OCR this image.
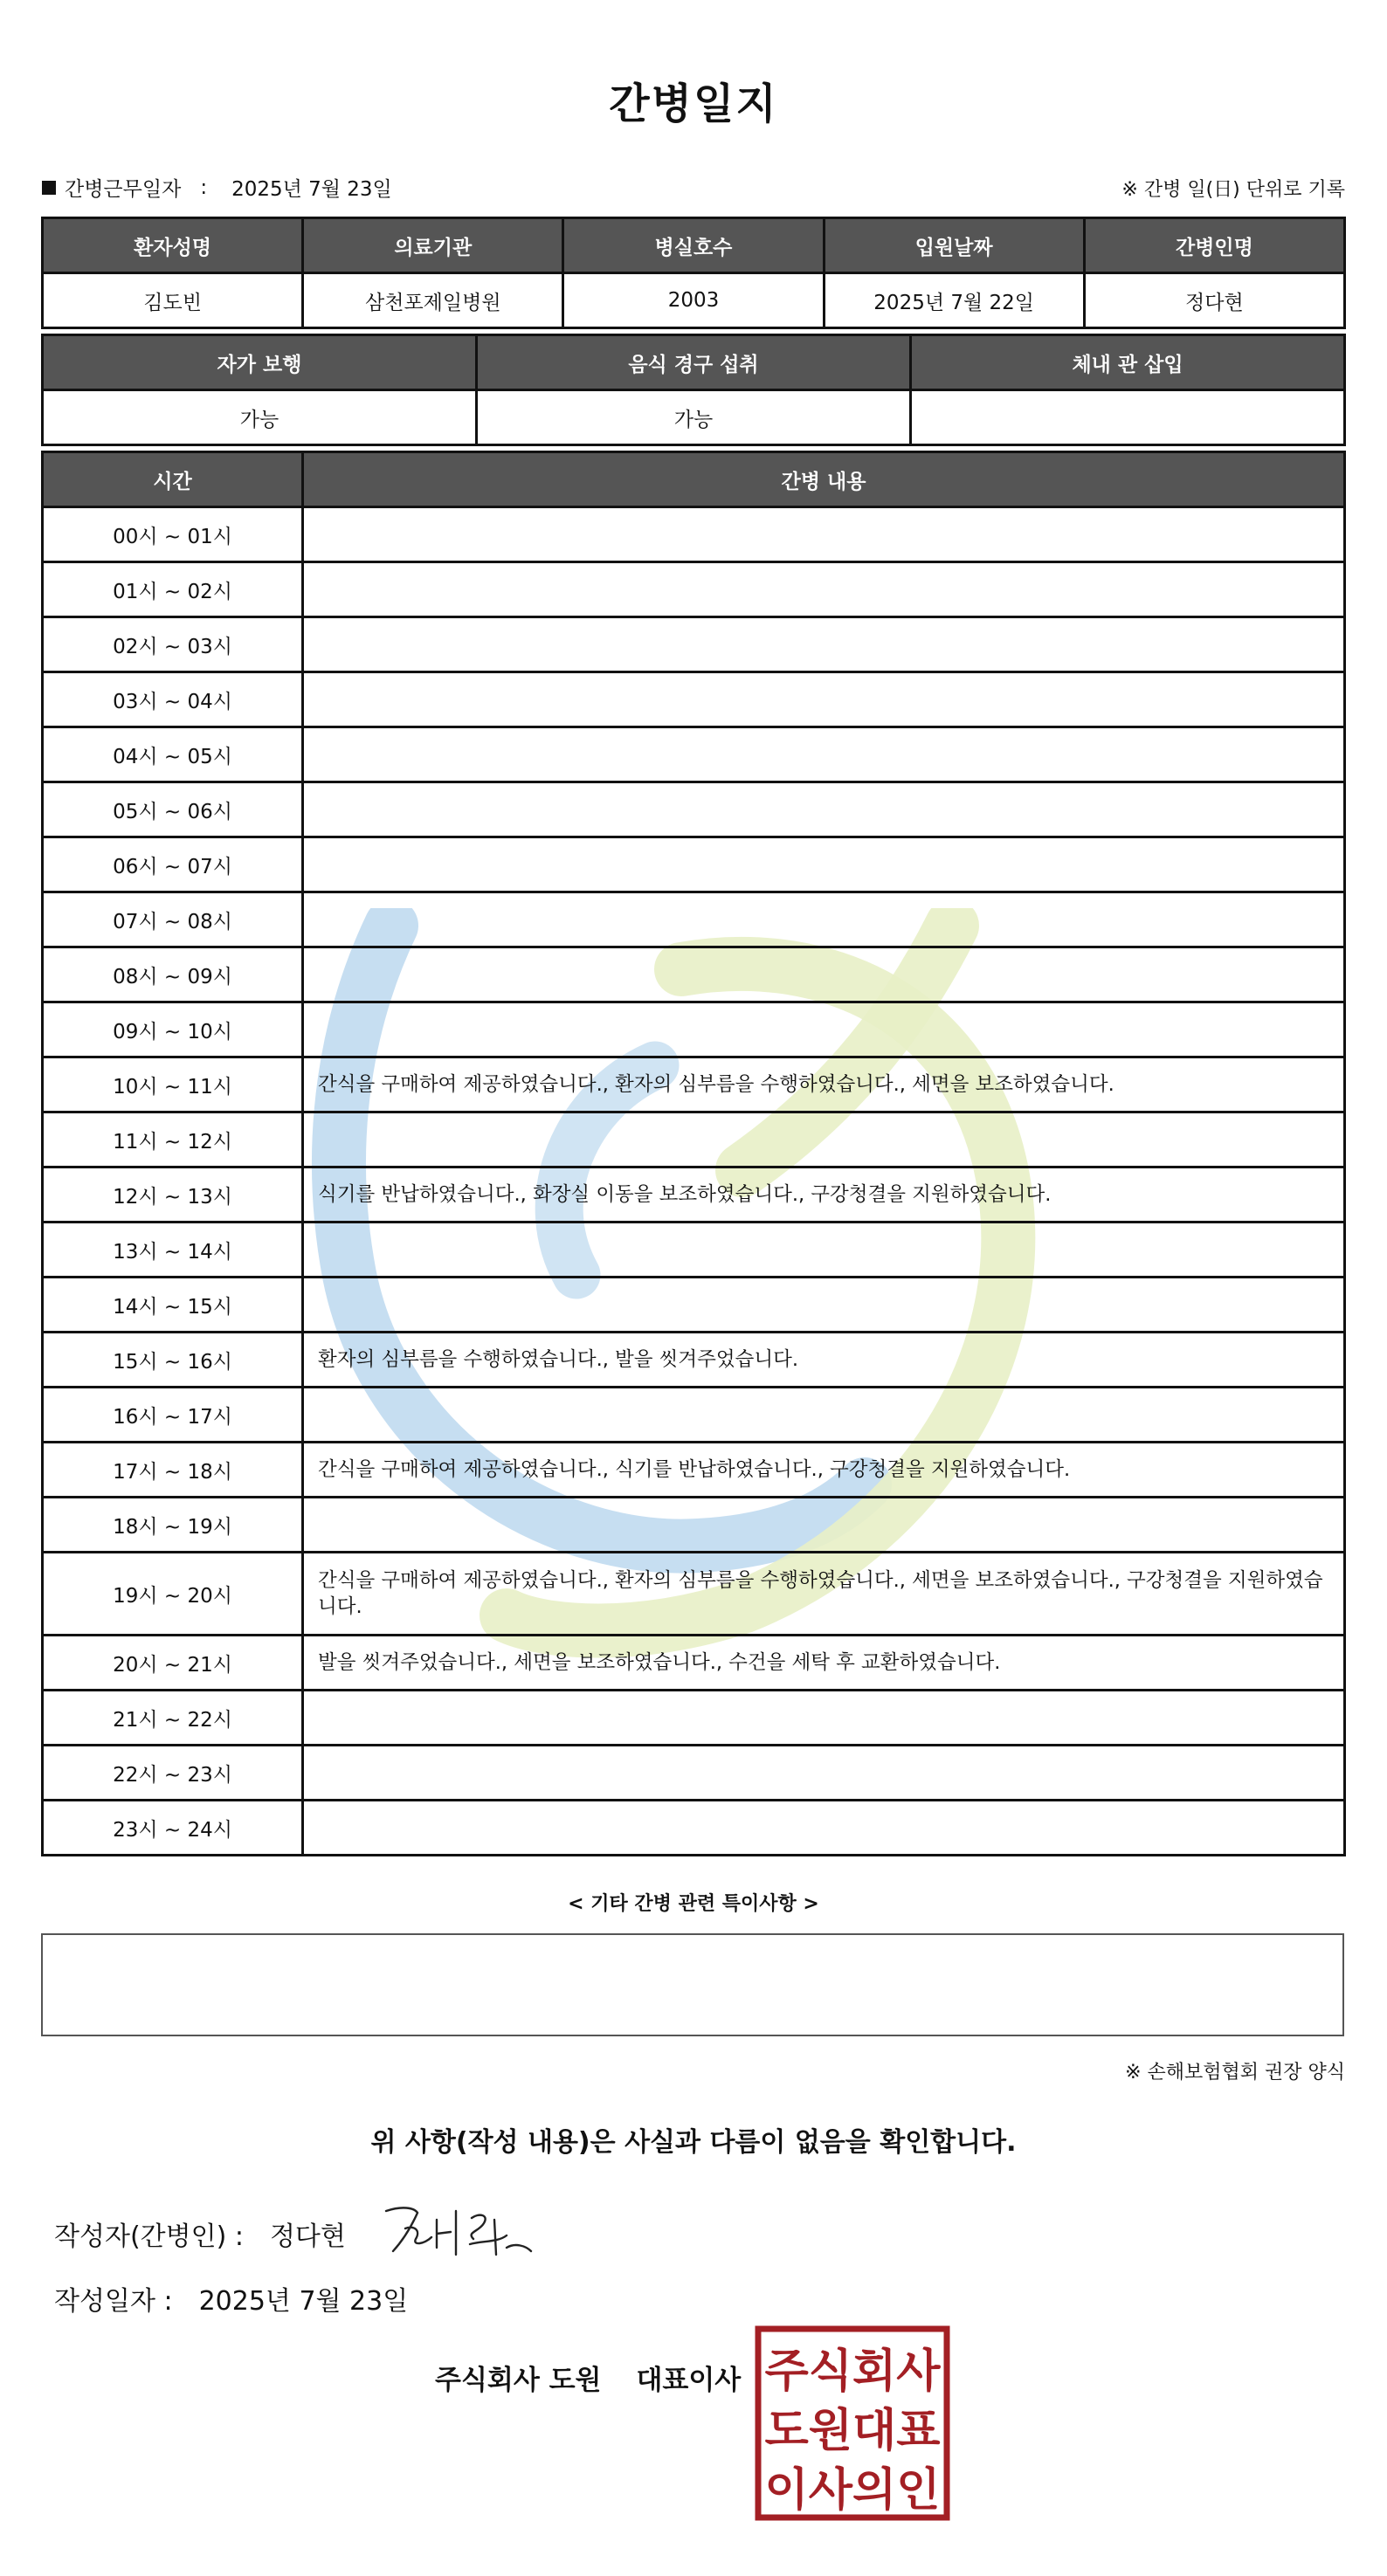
간병일지
간병근무일자 : 2025년 7월 23일	※ 간병 일(日) 단위로 기록
환자성명	의료기관	병실호수	입원날짜	간병인명
김도빈	삼천포제일병원	2003	2025년 7월 22일	정다현
자가 보행	음식 경구 섭취	체내 관 삽입
가능	가능	
시간	간병 내용
00시 ~ 01시	
01시 ~ 02시	
02시 ~ 03시	
03시 ~ 04시	
04시 ~ 05시	
05시 ~ 06시	
06시 ~ 07시	
07시 ~ 08시	
08시 ~ 09시	
09시 ~ 10시	
10시 ~ 11시	간식을 구매하여 제공하였습니다., 환자의 심부름을 수행하였습니다., 세면을 보조하였습니다.
11시 ~ 12시	
12시 ~ 13시	식기를 반납하였습니다., 화장실 이동을 보조하였습니다., 구강청결을 지원하였습니다.
13시 ~ 14시	
14시 ~ 15시	
15시 ~ 16시	환자의 심부름을 수행하였습니다., 발을 씻겨주었습니다.
16시 ~ 17시	
17시 ~ 18시	간식을 구매하여 제공하였습니다., 식기를 반납하였습니다., 구강청결을 지원하였습니다.
18시 ~ 19시	
19시 ~ 20시	간식을 구매하여 제공하였습니다., 환자의 심부름을 수행하였습니다., 세면을 보조하였습니다., 구강청결을 지원하였습니다.
20시 ~ 21시	발을 씻겨주었습니다., 세면을 보조하였습니다., 수건을 세탁 후 교환하였습니다.
21시 ~ 22시	
22시 ~ 23시	
23시 ~ 24시	
< 기타 간병 관련 특이사항 >
※ 손해보험협회 권장 양식
위 사항(작성 내용)은 사실과 다름이 없음을 확인합니다.
작성자(간병인) : 정다현
작성일자 : 2025년 7월 23일
주식회사 도원 대표이사 주식회사
도원대표
이사의인
